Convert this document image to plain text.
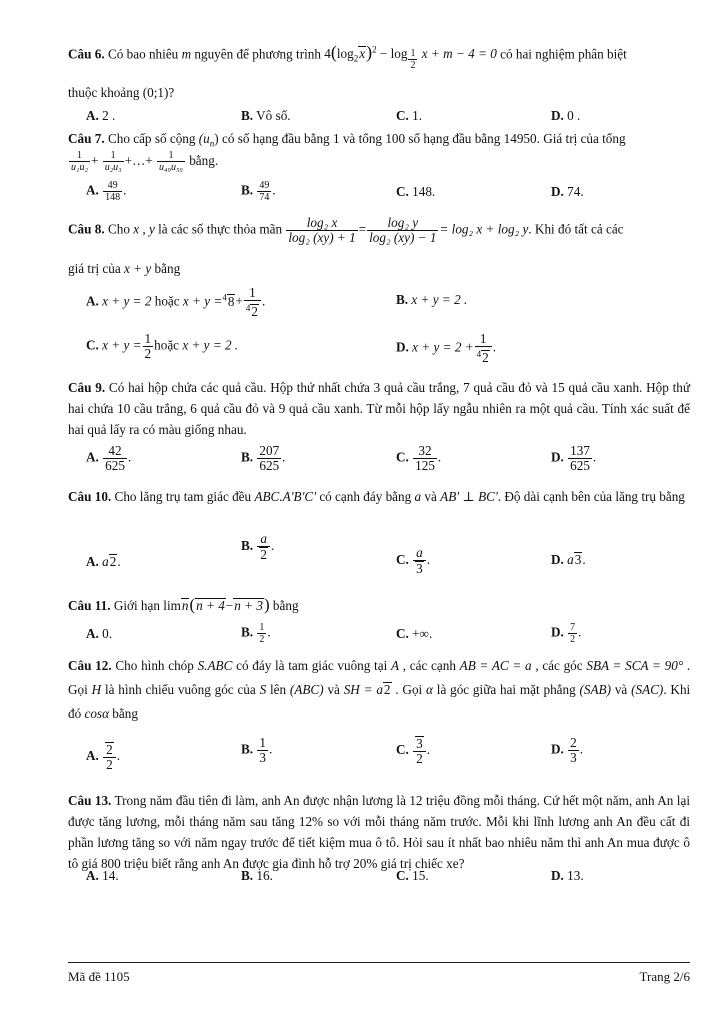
Câu 6. Có bao nhiêu m nguyên để phương trình $4(\log_2x)^2 - \log \frac{1}{2}$ x + m − 4 = 0 có hai nghiệm phân biệt
thuộc khoảng (0;1)?
A. 2 .	B. Vô số.	C. 1.	D. 0 .
Câu 7. Cho cấp số cộng $(u_n)$ có số hạng đầu bằng 1 và tổng 100 số hạng đầu bằng 14950. Giá trị của tổng
$\frac{1}{\text{u₁u₂}} + \frac{1}{\text{u₂u₃}}$ +…+ $\frac{1}{\text{u₄₉u₅₀}}$ bằng.
A. $\frac{49}{148}$ .	B. $\frac{49}{74}$ .	C. 148.	D. 74.
Câu 8. Cho x , y là các số thực thỏa mãn $\frac{\text{log₂ x}}{\text{log₂ (xy) + 1}} = \frac{\text{log₂ y}}{\text{log₂ (xy) − 1}} = \log_2$ x + log₂ y. Khi đó tất cả các
giá trị của x + y bằng
A. x + y = 2 hoặc $x + y =^48+ \frac{1}{^42}$ .	B. x + y = 2 .
C. $x + y = \frac{1}{2}$ hoặc x + y = 2 .	D. $x + y = 2 + \frac{1}{^42}$ .
Câu 9. Có hai hộp chứa các quả cầu. Hộp thứ nhất chứa 3 quả cầu trắng, 7 quả cầu đỏ và 15 quả cầu xanh. Hộp thứ hai chứa 10 cầu trắng, 6 quả cầu đỏ và 9 quả cầu xanh. Từ mỗi hộp lấy ngẫu nhiên ra một quả cầu. Tính xác suất để hai quả lấy ra có màu giống nhau.
A. $\frac{42}{625}$ .	B. $\frac{207}{625}$ .	C. $\frac{32}{125}$ .	D. $\frac{137}{625}$ .
Câu 10. Cho lăng trụ tam giác đều ABC.A'B'C' có cạnh đáy bằng a và AB' ⊥ BC'. Độ dài cạnh bên của lăng trụ bằng
A. a2.
B. $\frac{a}{2}$ .
C. $\frac{a}{3}$ .	D. a3.
Câu 11. Giới hạn limn(n + 4−n + 3) bằng
A. 0.	B. $\frac{1}{2}$ .	C. +∞.	D. $\frac{7}{2}$ .
Câu 12. Cho hình chóp S.ABC có đáy là tam giác vuông tại A , các cạnh AB = AC = a , các góc SBA = SCA = 90° . Gọi H là hình chiếu vuông góc của S lên (ABC) và SH = a2 . Gọi α là góc giữa hai mặt phẳng (SAB) và (SAC). Khi đó cosα bằng
A. $\frac{2}{2}$ .	B. $\frac{1}{3}$ .	C. $\frac{3}{2}$ .	D. $\frac{2}{3}$ .
Câu 13. Trong năm đầu tiên đi làm, anh An được nhận lương là 12 triệu đồng mỗi tháng. Cứ hết một năm, anh An lại được tăng lương, mỗi tháng năm sau tăng 12% so với mỗi tháng năm trước. Mỗi khi lĩnh lương anh An đều cất đi phần lương tăng so với năm ngay trước để tiết kiệm mua ô tô. Hỏi sau ít nhất bao nhiêu năm thì anh An mua được ô tô giá 800 triệu biết rằng anh An được gia đình hỗ trợ 20% giá trị chiếc xe?
A. 14.	B. 16.	C. 15.	D. 13.
Mã đề 1105	Trang 2/6
